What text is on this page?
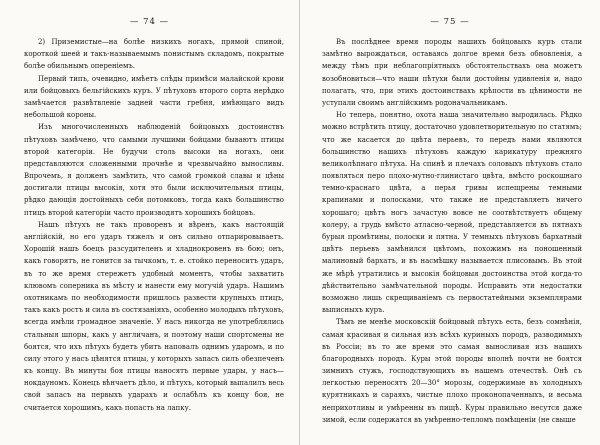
— 74 —

2) Приземистые—на болѣе низкихъ ногахъ, прямой спиной, короткой шеей и такъ-называемымъ понистымъ складомъ, покрытые болѣе обильнымъ опереніемъ.

Первый типъ, очевидно, имѣетъ слѣды примѣси малайской крови или бойцовыхъ бельгійскихъ куръ. У пѣтуховъ второго сорта нерѣдко замѣчается развѣтвленіе задней части гребня, имѣющаго видъ небольшой короны.

Изъ многочисленныхъ наблюденій бойцовыхъ достоинствъ пѣтуховъ замѣчено, что самыми лучшими бойцами бываютъ птицы второй категоріи. Не будучи столь высоки на ногахъ, они представляются сложенными прочнѣе и чрезвычайно выносливы. Впрочемъ, я долженъ замѣтить, что самой громкой славы и цѣны достигали птицы высокія, хотя это были исключительныя птицы, рѣдко дающія достойныхъ себя потомковъ, тогда какъ большинство птицъ второй категоріи часто производятъ хорошихъ бойцовъ.

Нашъ пѣтухъ не такъ проворенъ и вѣренъ, какъ настоящій англійскій, но его ударъ тяжелъ и онъ сильно отпарировываетъ. Хорошій нашъ боецъ разсудителенъ и хладнокровенъ въ бою; онъ, какъ говорятъ, не гонится за тычкомъ, т. е. стойко переноситъ ударъ, въ то же время стережетъ удобный моментъ, чтобы захватить клювомъ соперника въ мѣсту и нанести ему могучій ударъ. Нашимъ охотникамъ по необходимости пришлось развести крупныхъ птицъ, такъ какъ ростъ и сила въ состязаніяхъ, особенно молодыхъ пѣтуховъ, всегда имѣли громадное значеніе. У насъ никогда не употреблялись стальныя шпоры, какъ у англичанъ, и поэтому наши спортсмены не боятся, что ихъ пѣтухъ будетъ убитъ наповалъ однимъ ударомъ, и по силу этого у насъ цѣнятся птицы, у которыхъ запасъ силъ обезпеченъ къ концу. Въ минуты боя птицы наносятъ первые удары, у насъ—нокдауномъ. Конецъ вѣнчаетъ дѣло, и пѣтухъ, который выпалилъ весь свой запасъ на первыхъ ударахъ и ослабѣлъ къ концу боя, не считается хорошимъ, какъ попасть на лапку.

— 75 —

Въ послѣднее время породы нашихъ бойцовыхъ куръ стали замѣтно вырождаться, оставаясь долгое время безъ обновленія, а между тѣмъ при неблагопріятныхъ обстоятельствахъ она можетъ возобновиться—что наши пѣтухи были достойны удивленія и, надо полагать, что, при этихъ достоинствахъ крѣпости въ цѣнимости не уступали своимъ англійскимъ родоначальникамъ.

Но теперь, понятно, охота наша значительно выродилась. Рѣдко можно встрѣтить птицу, достаточно удовлетворительную по статямъ; что же касается до цвѣта перьевъ, то передъ нами являются большинство нашихъ пѣтуховъ каждую карикатуру прежняго великолѣпнаго пѣтуха. На спинѣ и плечахъ соловыхъ пѣтуховъ стало появляться перо плохо-мутно-глинистаго цвѣта, вмѣсто роскошнаго темно-краснаго цвѣта, а перья гривы испещрены темными крапинами и полосками, что также не представляетъ ничего хорошаго; цвѣтъ ногъ зачастую вовсе не соотвѣтствуетъ общему колеру, а грудь вмѣсто атласно-черной, представляется въ пятнахъ бурыя промѣтины, полоски и пятна. У темныхъ пѣтуховъ бархатный цвѣтъ перьевъ замѣнился цвѣтомъ, похожимъ на поношенный малиновый бархатъ, и въ насмѣшку называется плисовымъ. Въ этой же мѣрѣ утратились и высокія бойцовыя достоинства этой когда-то дѣйствительно замѣчательной породы. Исправить эти недостатки возможно лишь скрещиваніемъ съ первостатейными экземплярами выписныхъ куръ.

Тѣмъ не менѣе московскій бойцовый пѣтухъ есть, безъ сомнѣнія, самая красивая и сильная изъ всѣхъ куриныхъ породъ, разводимыхъ въ Россіи; въ то же время это самая выносливая изъ нашихъ благородныхъ породъ. Куры этой породы вполнѣ почти не боятся зимнихъ стужъ, господствующихъ въ нашемъ отечествѣ. Онѣ съ легкостью переносятъ 20—30° морозы, содержимые въ холодныхъ курятникахъ и сараяхъ, чистые плохо проконопаченныхъ, и весьма неприхотливы и умѣренны въ пищѣ. Куры правильно несутся даже зимой, если содержатся въ умѣренно-тепломъ помѣщеніи (не свыше
